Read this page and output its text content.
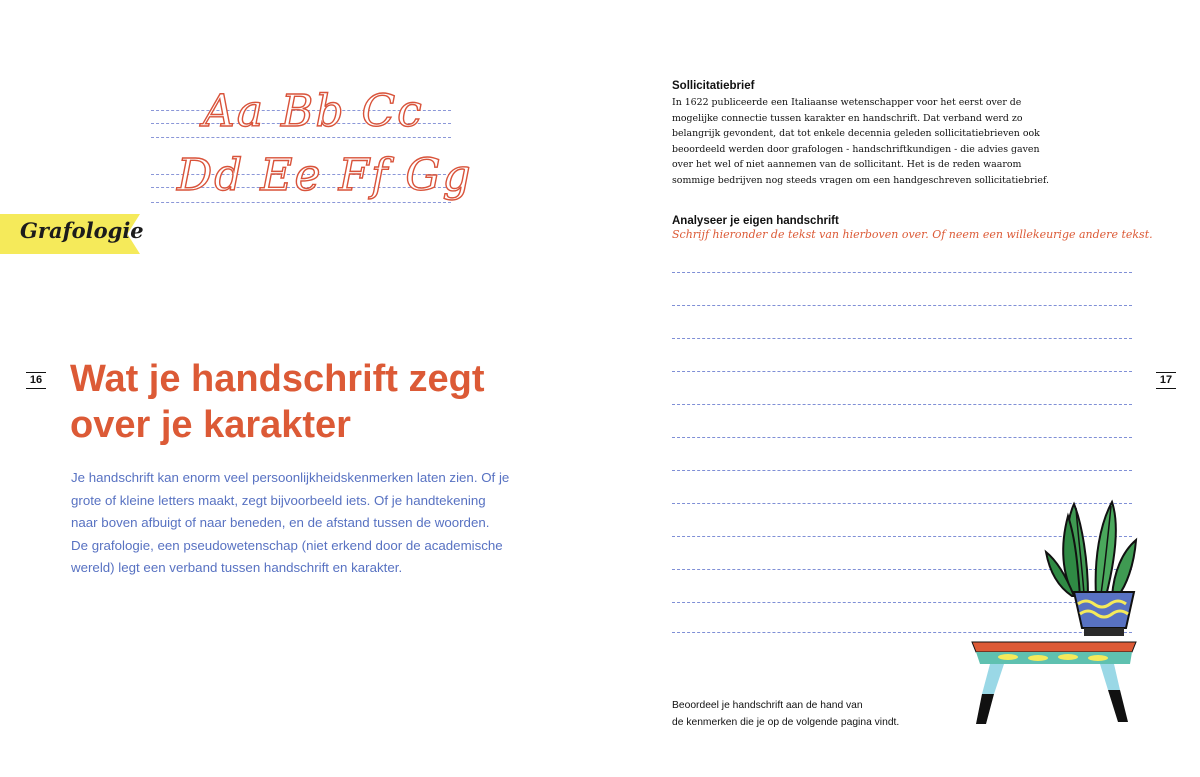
Aa Bb Cc
Dd Ee Ff Gg
Grafologie
16 Wat je handschrift zegt
over je karakter

Je handschrift kan enorm veel persoonlijkheidskenmerken laten zien. Of je
grote of kleine letters maakt, zegt bijvoorbeeld iets. Of je handtekening
naar boven afbuigt of naar beneden, en de afstand tussen de woorden.
De grafologie, een pseudowetenschap (niet erkend door de academische
wereld) legt een verband tussen handschrift en karakter.

Sollicitatiebrief

In 1622 publiceerde een Italiaanse wetenschapper voor het eerst over de
mogelijke connectie tussen karakter en handschrift. Dat verband werd zo
belangrijk gevondent, dat tot enkele decennia geleden sollicitatiebrieven ook
beoordeeld werden door grafologen - handschriftkundigen - die advies gaven
over het wel of niet aannemen van de sollicitant. Het is de reden waarom
sommige bedrijven nog steeds vragen om een handgeschreven sollicitatiebrief.

Analyseer je eigen handschrift

Schrijf hieronder de tekst van hierboven over. Of neem een willekeurige andere tekst.

17

Beoordeel je handschrift aan de hand van
de kenmerken die je op de volgende pagina vindt.
